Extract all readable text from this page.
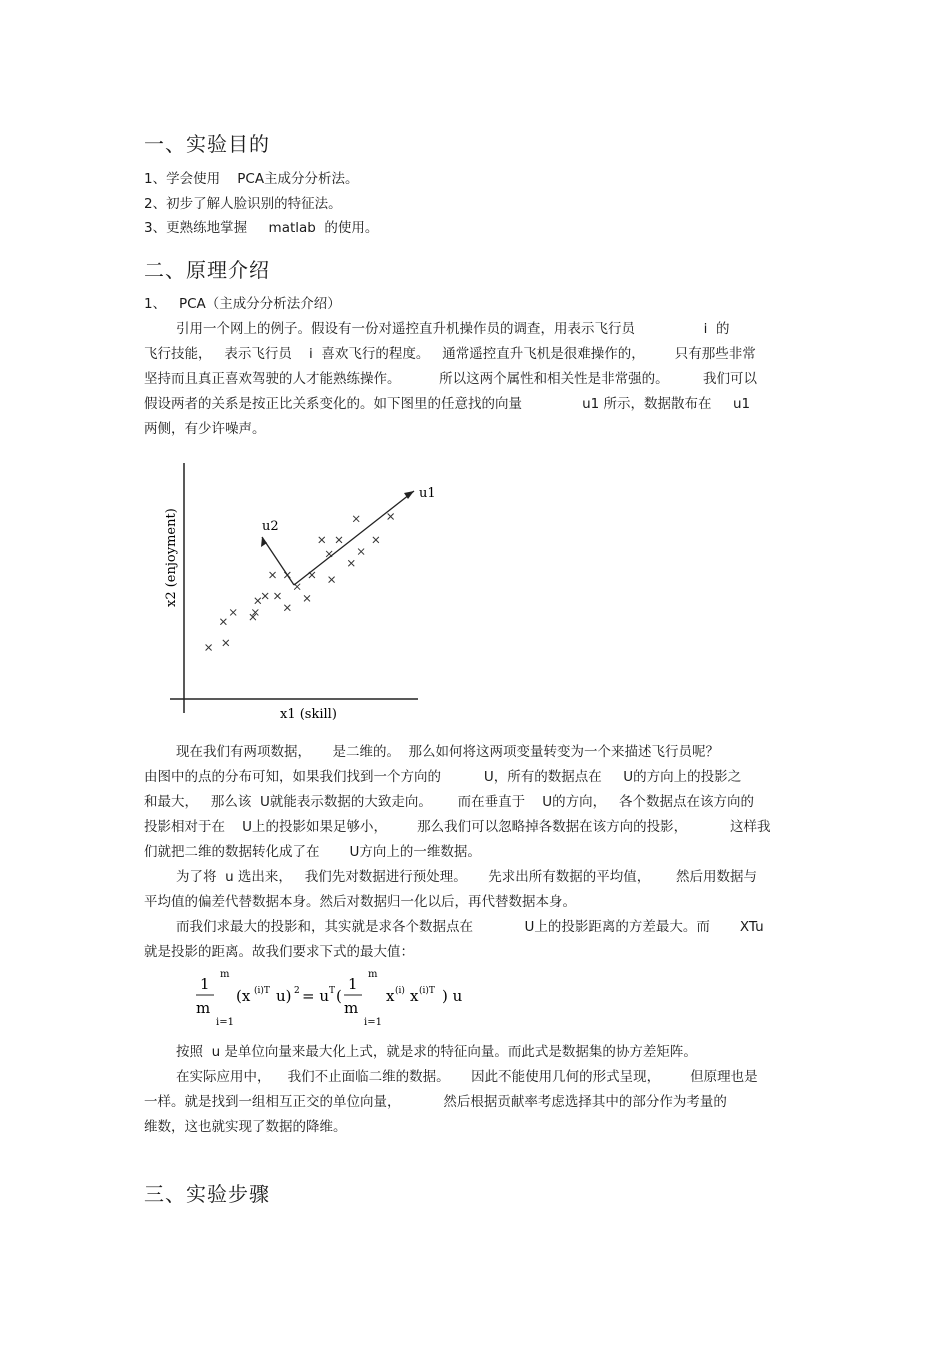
一、实验目的
1、学会使用    PCA主成分分析法。
2、初步了解人脸识别的特征法。
3、更熟练地掌握     matlab  的使用。
二、原理介绍
1、   PCA（主成分分析法介绍）
引用一个网上的例子。假设有一份对遥控直升机操作员的调查，用表示飞行员                i  的
飞行技能，   表示飞行员    i  喜欢飞行的程度。   通常遥控直升飞机是很难操作的，       只有那些非常
坚持而且真正喜欢驾驶的人才能熟练操作。         所以这两个属性和相关性是非常强的。        我们可以
假设两者的关系是按正比关系变化的。如下图里的任意找的向量              u1 所示，数据散布在     u1
两侧，有少许噪声。
u1
u2
x1 (skill)
x2 (enjoyment)
现在我们有两项数据，     是二维的。  那么如何将这两项变量转变为一个来描述飞行员呢？
由图中的点的分布可知，如果我们找到一个方向的          U，所有的数据点在     U的方向上的投影之
和最大，   那么该  U就能表示数据的大致走向。      而在垂直于    U的方向，   各个数据点在该方向的
投影相对于在    U上的投影如果足够小，       那么我们可以忽略掉各数据在该方向的投影，          这样我
们就把二维的数据转化成了在       U方向上的一维数据。
为了将  u 选出来，   我们先对数据进行预处理。     先求出所有数据的平均值，      然后用数据与
平均值的偏差代替数据本身。然后对数据归一化以后，再代替数据本身。
而我们求最大的投影和，其实就是求各个数据点在            U上的投影距离的方差最大。而       XTu
就是投影的距离。故我们要求下式的最大值：
1
m
m
(x (i)T u) 2 = u T (
1
m
m
x (i) x (i)T ) u
i=1	i=1
按照  u 是单位向量来最大化上式，就是求的特征向量。而此式是数据集的协方差矩阵。
在实际应用中，    我们不止面临二维的数据。     因此不能使用几何的形式呈现，       但原理也是
一样。就是找到一组相互正交的单位向量，          然后根据贡献率考虑选择其中的部分作为考量的
维数，这也就实现了数据的降维。
三、实验步骤
